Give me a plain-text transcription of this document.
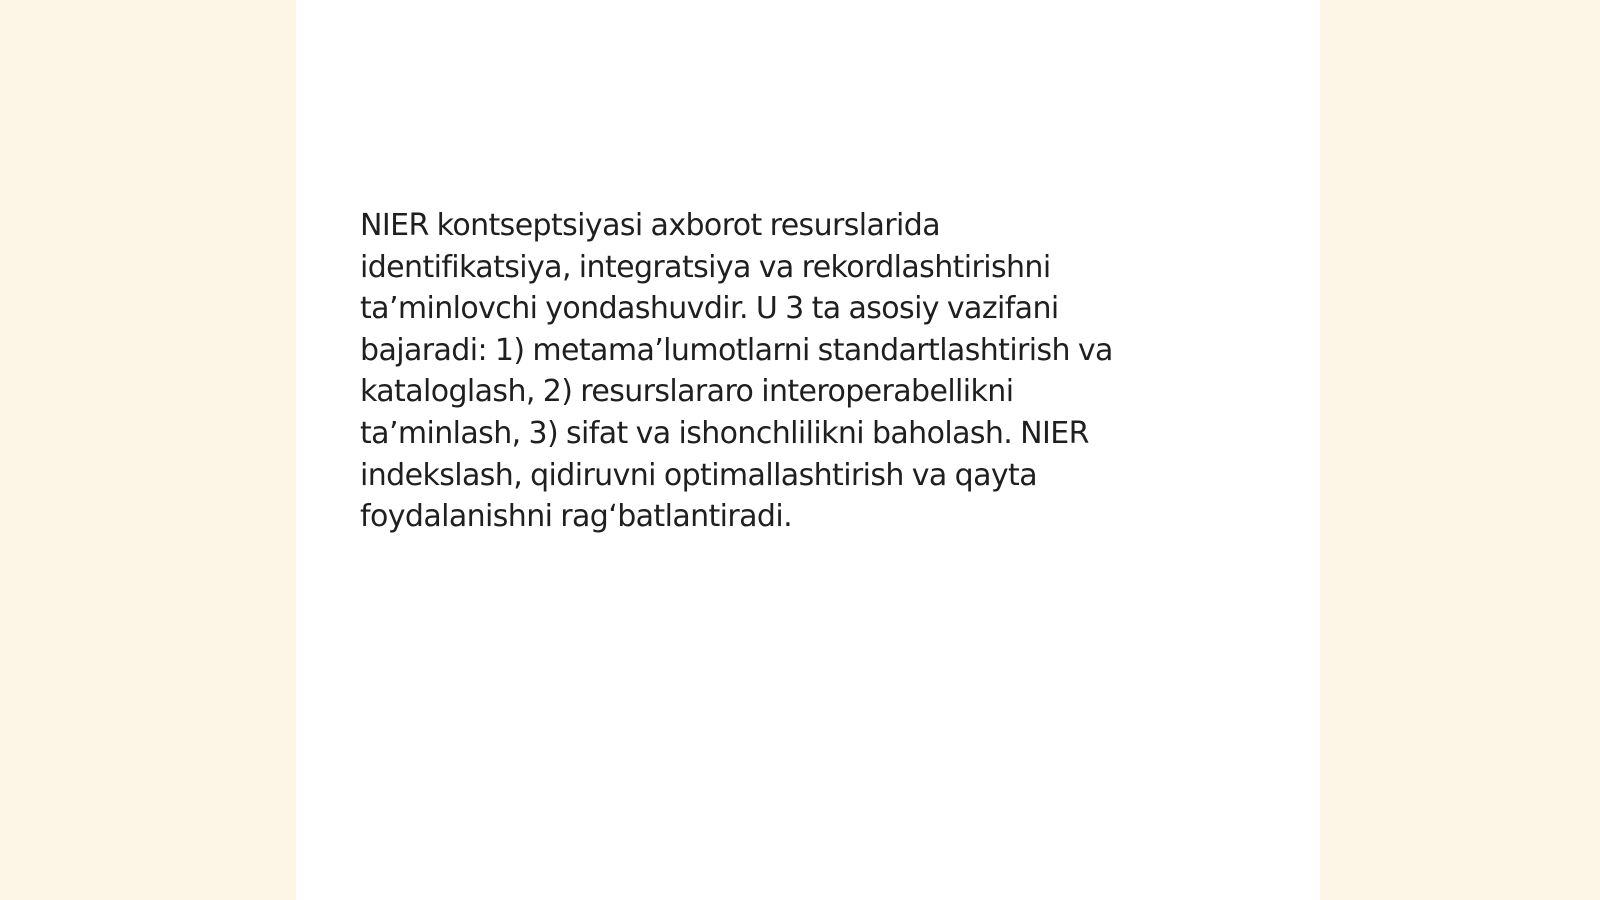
NIER kontseptsiyasi axborot resurslarida
identifikatsiya, integratsiya va rekordlashtirishni
ta’minlovchi yondashuvdir. U 3 ta asosiy vazifani
bajaradi: 1) metama’lumotlarni standartlashtirish va
kataloglash, 2) resurslararo interoperabellikni
ta’minlash, 3) sifat va ishonchlilikni baholash. NIER
indekslash, qidiruvni optimallashtirish va qayta
foydalanishni rag‘batlantiradi.
